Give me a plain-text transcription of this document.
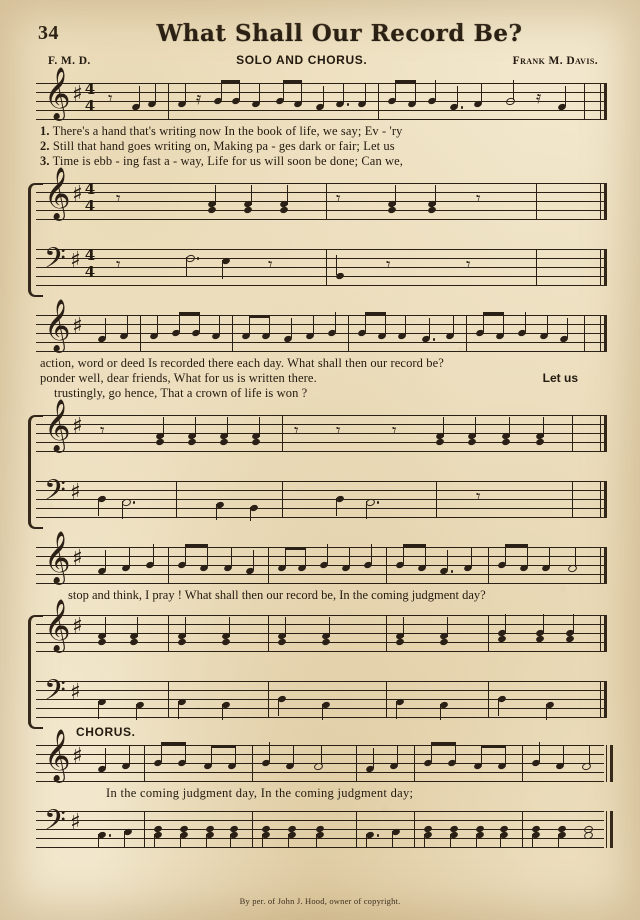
34	What Shall Our Record Be?
F. M. D.	SOLO AND CHORUS.	Frank M. Davis.
𝄞 ♯ 4
4 𝄾	𝄿	𝄿
1. There's a hand that's writing now In the book of life, we say; Ev - 'ry
2. Still that hand goes writing on, Making pa - ges dark or fair; Let us
3. Time is ebb - ing fast a - way, Life for us will soon be done; Can we,
𝄞 ♯ 4
4 𝄾	𝄾	𝄾
𝄢 ♯ 4
4 𝄾	𝄾	𝄾	𝄾
𝄞 ♯
action, word or deed Is recorded there each day. What shall then our record be?
ponder well, dear friends, What for us is written there.	Let us
trustingly, go hence, That a crown of life is won ?
𝄞 ♯ 𝄾	𝄾 𝄾	𝄾
𝄢 ♯	𝄾
𝄞 ♯
stop and think, I pray ! What shall then our record be, In the coming judgment day?
𝄞 ♯
𝄢 ♯
CHORUS.
𝄞 ♯
In the coming judgment day, In the coming judgment day;
𝄢 ♯
By per. of John J. Hood, owner of copyright.
